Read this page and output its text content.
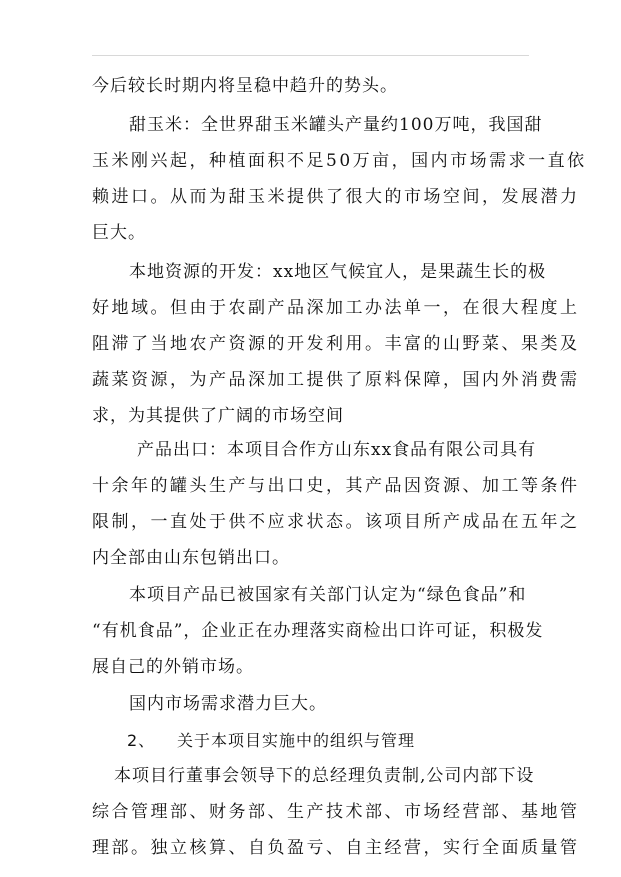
今后较长时期内将呈稳中趋升的势头。

甜玉米：全世界甜玉米罐头产量约100万吨，我国甜

玉米刚兴起，种植面积不足50万亩，国内市场需求一直依

赖进口。从而为甜玉米提供了很大的市场空间，发展潜力

巨大。

本地资源的开发：xx地区气候宜人，是果蔬生长的极

好地域。但由于农副产品深加工办法单一，在很大程度上

阻滞了当地农产资源的开发利用。丰富的山野菜、果类及

蔬菜资源，为产品深加工提供了原料保障，国内外消费需

求，为其提供了广阔的市场空间

产品出口：本项目合作方山东xx食品有限公司具有

十余年的罐头生产与出口史，其产品因资源、加工等条件

限制，一直处于供不应求状态。该项目所产成品在五年之

内全部由山东包销出口。

本项目产品已被国家有关部门认定为“绿色食品”和

“有机食品”，企业正在办理落实商检出口许可证，积极发

展自己的外销市场。

国内市场需求潜力巨大。

2、 关于本项目实施中的组织与管理

本项目行董事会领导下的总经理负责制,公司内部下设

综合管理部、财务部、生产技术部、市场经营部、基地管

理部。独立核算、自负盈亏、自主经营，实行全面质量管
